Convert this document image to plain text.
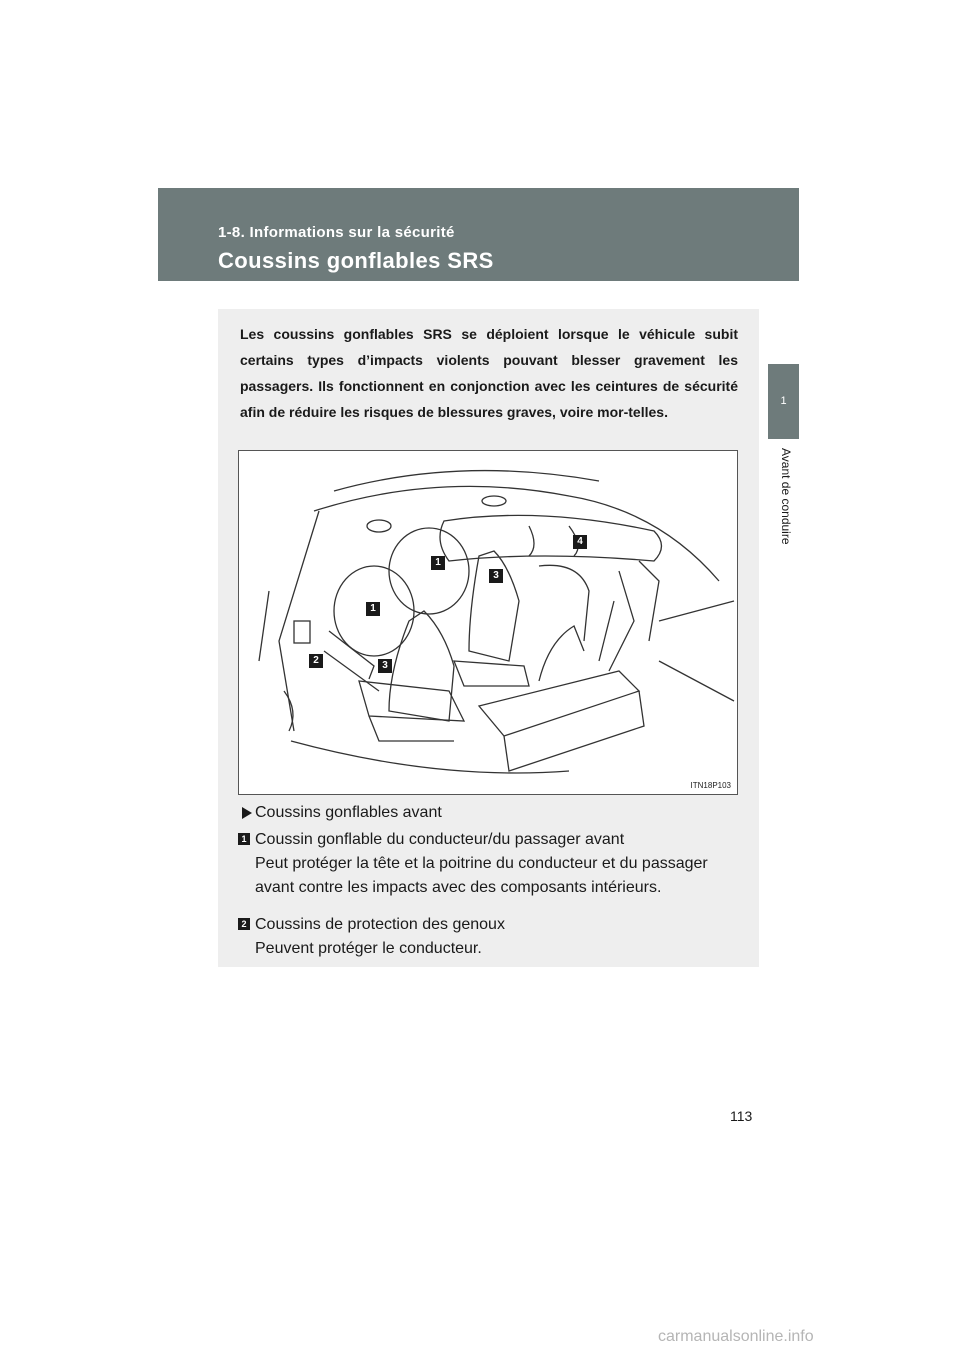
1-8. Informations sur la sécurité
Coussins gonflables SRS
1
Avant de conduire
Les coussins gonflables SRS se déploient lorsque le véhicule subit certains types d’impacts violents pouvant blesser gravement les passagers. Ils fonctionnent en conjonction avec les ceintures de sécurité afin de réduire les risques de blessures graves, voire mor-telles.
1
1
2	3
3
4
ITN18P103
Coussins gonflables avant
1 Coussin gonflable du conducteur/du passager avant
Peut protéger la tête et la poitrine du conducteur et du passager
avant contre les impacts avec des composants intérieurs.
2 Coussins de protection des genoux
Peuvent protéger le conducteur.
113
carmanualsonline.info
